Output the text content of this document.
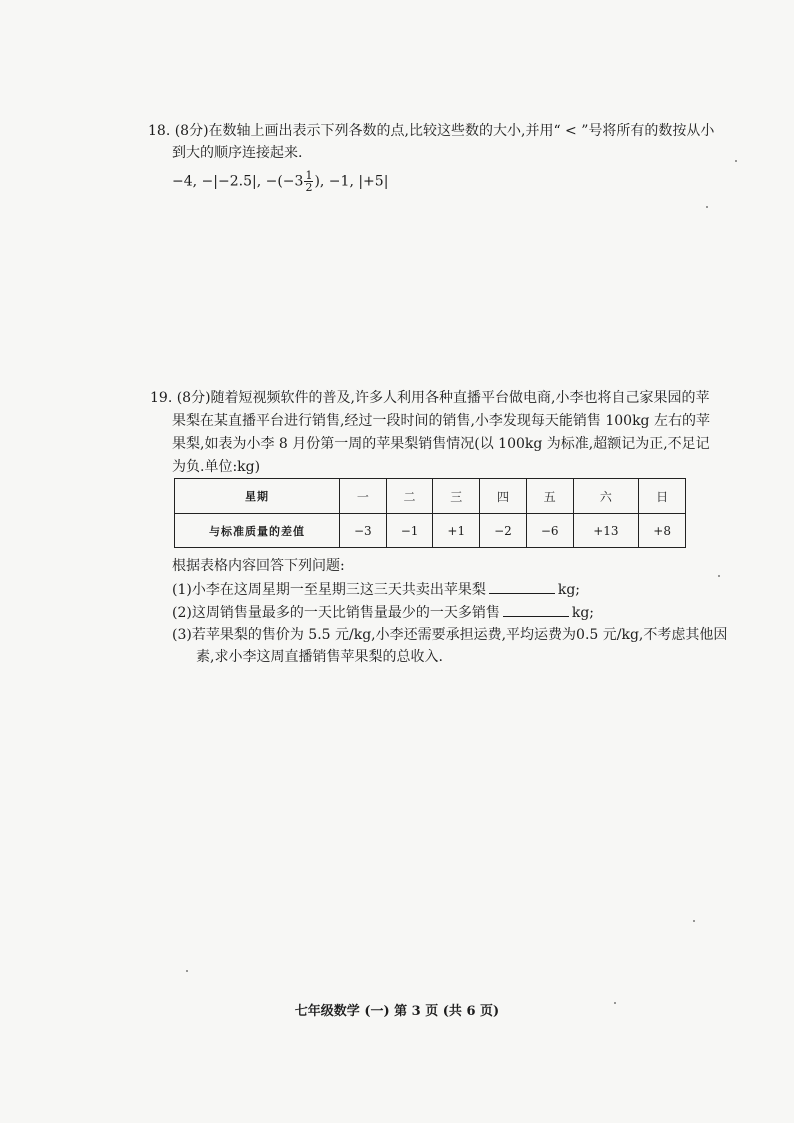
18. (8分)在数轴上画出表示下列各数的点,比较这些数的大小,并用“ < ”号将所有的数按从小
到大的顺序连接起来.
−4, −|−2.5|, $-(-3 \frac{1}{2}$ ), −1, |+5|
19. (8分)随着短视频软件的普及,许多人利用各种直播平台做电商,小李也将自己家果园的苹
果梨在某直播平台进行销售,经过一段时间的销售,小李发现每天能销售 100kg 左右的苹
果梨,如表为小李 8 月份第一周的苹果梨销售情况(以 100kg 为标准,超额记为正,不足记
为负.单位:kg)
星期	一	二	三	四	五	六	日
与标准质量的差值	−3	−1	+1	−2	−6	+13	+8
根据表格内容回答下列问题:
(1)小李在这周星期一至星期三这三天共卖出苹果梨	kg;
(2)这周销售量最多的一天比销售量最少的一天多销售	kg;
(3)若苹果梨的售价为 5.5 元/kg,小李还需要承担运费,平均运费为0.5 元/kg,不考虑其他因
素,求小李这周直播销售苹果梨的总收入.
七年级数学 (一) 第 3 页 (共 6 页)
